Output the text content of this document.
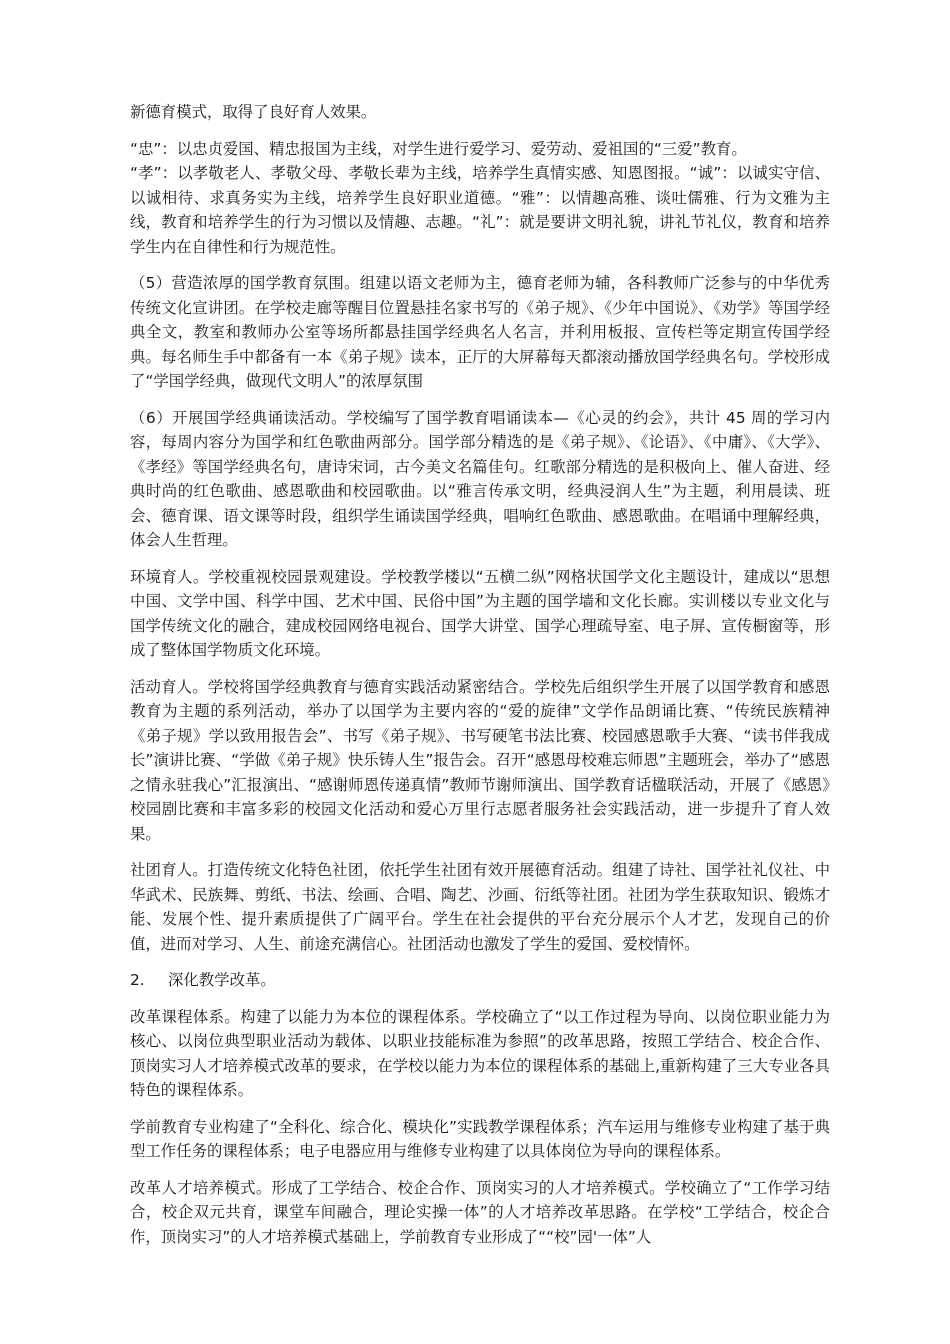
新德育模式，取得了良好育人效果。

“忠”：以忠贞爱国、精忠报国为主线，对学生进行爱学习、爱劳动、爱祖国的“三爱”教育。

“孝”：以孝敬老人、孝敬父母、孝敬长辈为主线，培养学生真情实感、知恩图报。“诚”：以诚实守信、以诚相待、求真务实为主线，培养学生良好职业道德。“雅”：以情趣高雅、谈吐儒雅、行为文雅为主线，教育和培养学生的行为习惯以及情趣、志趣。“礼”：就是要讲文明礼貌，讲礼节礼仪，教育和培养学生内在自律性和行为规范性。

（5）营造浓厚的国学教育氛围。组建以语文老师为主，德育老师为辅，各科教师广泛参与的中华优秀传统文化宣讲团。在学校走廊等醒目位置悬挂名家书写的《弟子规》、《少年中国说》、《劝学》等国学经典全文，教室和教师办公室等场所都悬挂国学经典名人名言，并利用板报、宣传栏等定期宣传国学经典。每名师生手中都备有一本《弟子规》读本，正厅的大屏幕每天都滚动播放国学经典名句。学校形成了“学国学经典，做现代文明人”的浓厚氛围

（6）开展国学经典诵读活动。学校编写了国学教育唱诵读本—《心灵的约会》，共计 45 周的学习内容，每周内容分为国学和红色歌曲两部分。国学部分精选的是《弟子规》、《论语》、《中庸》、《大学》、《孝经》等国学经典名句，唐诗宋词，古今美文名篇佳句。红歌部分精选的是积极向上、催人奋进、经典时尚的红色歌曲、感恩歌曲和校园歌曲。以“雅言传承文明，经典浸润人生”为主题，利用晨读、班会、德育课、语文课等时段，组织学生诵读国学经典，唱响红色歌曲、感恩歌曲。在唱诵中理解经典，体会人生哲理。

环境育人。学校重视校园景观建设。学校教学楼以“五横二纵”网格状国学文化主题设计，建成以“思想中国、文学中国、科学中国、艺术中国、民俗中国”为主题的国学墙和文化长廊。实训楼以专业文化与国学传统文化的融合，建成校园网络电视台、国学大讲堂、国学心理疏导室、电子屏、宣传橱窗等，形成了整体国学物质文化环境。

活动育人。学校将国学经典教育与德育实践活动紧密结合。学校先后组织学生开展了以国学教育和感恩教育为主题的系列活动，举办了以国学为主要内容的“爱的旋律”文学作品朗诵比赛、“传统民族精神《弟子规》学以致用报告会”、书写《弟子规》、书写硬笔书法比赛、校园感恩歌手大赛、“读书伴我成长”演讲比赛、“学做《弟子规》快乐铸人生”报告会。召开“感恩母校难忘师恩”主题班会，举办了“感恩之情永驻我心”汇报演出、“感谢师恩传递真情”教师节谢师演出、国学教育话楹联活动，开展了《感恩》校园剧比赛和丰富多彩的校园文化活动和爱心万里行志愿者服务社会实践活动，进一步提升了育人效果。

社团育人。打造传统文化特色社团，依托学生社团有效开展德育活动。组建了诗社、国学社礼仪社、中华武术、民族舞、剪纸、书法、绘画、合唱、陶艺、沙画、衍纸等社团。社团为学生获取知识、锻炼才能、发展个性、提升素质提供了广阔平台。学生在社会提供的平台充分展示个人才艺，发现自己的价值，进而对学习、人生、前途充满信心。社团活动也激发了学生的爱国、爱校情怀。

2. 深化教学改革。

改革课程体系。构建了以能力为本位的课程体系。学校确立了“以工作过程为导向、以岗位职业能力为核心、以岗位典型职业活动为载体、以职业技能标准为参照”的改革思路，按照工学结合、校企合作、顶岗实习人才培养模式改革的要求，在学校以能力为本位的课程体系的基础上,重新构建了三大专业各具特色的课程体系。

学前教育专业构建了“全科化、综合化、模块化”实践教学课程体系；汽车运用与维修专业构建了基于典型工作任务的课程体系；电子电器应用与维修专业构建了以具体岗位为导向的课程体系。

改革人才培养模式。形成了工学结合、校企合作、顶岗实习的人才培养模式。学校确立了“工作学习结合，校企双元共育，课堂车间融合，理论实操一体”的人才培养改革思路。在学校“工学结合，校企合作，顶岗实习”的人才培养模式基础上，学前教育专业形成了““校”园'一体”人
